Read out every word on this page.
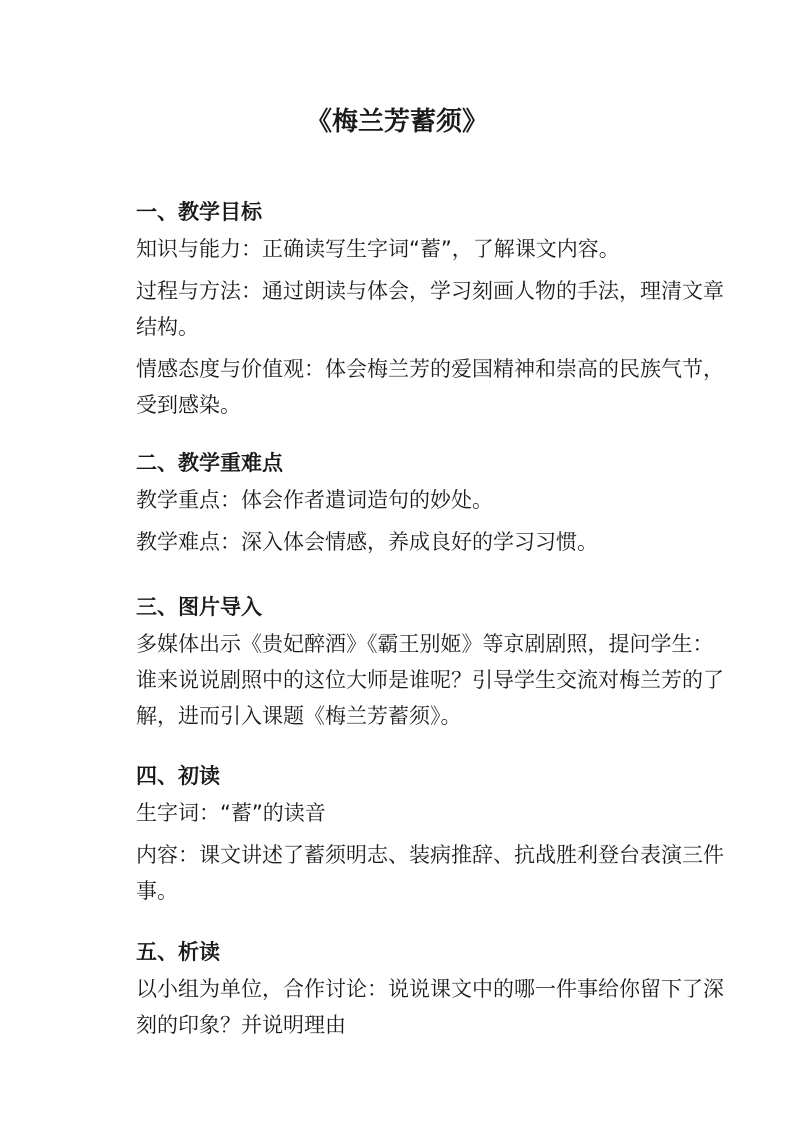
《梅兰芳蓄须》
一、教学目标

知识与能力：正确读写生字词“蓄”，了解课文内容。

过程与方法：通过朗读与体会，学习刻画人物的手法，理清文章结构。

情感态度与价值观：体会梅兰芳的爱国精神和崇高的民族气节，受到感染。

二、教学重难点

教学重点：体会作者遣词造句的妙处。

教学难点：深入体会情感，养成良好的学习习惯。

三、图片导入

多媒体出示《贵妃醉酒》《霸王别姬》等京剧剧照，提问学生：谁来说说剧照中的这位大师是谁呢？引导学生交流对梅兰芳的了解，进而引入课题《梅兰芳蓄须》。

四、初读

生字词：“蓄”的读音

内容：课文讲述了蓄须明志、装病推辞、抗战胜利登台表演三件事。

五、析读

以小组为单位，合作讨论：说说课文中的哪一件事给你留下了深刻的印象？并说明理由
